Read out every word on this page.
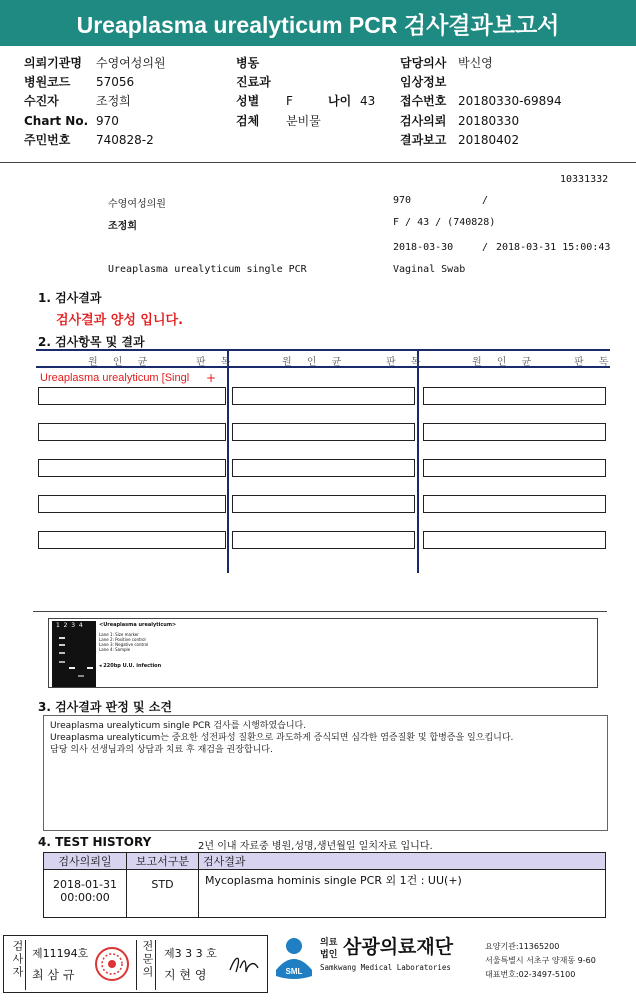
Ureaplasma urealyticum PCR 검사결과보고서
의뢰기관명 수영여성의원	병동	담당의사 박신영
병원코드 57056	진료과	임상정보
수진자	조정희	성별 F	나이 43 접수번호 20180330-69894
Chart No. 970	검체 분비물	검사의뢰 20180330
주민번호 740828-2	결과보고 20180402
10331332
수영여성의원	970	/
조정희	F / 43 / (740828)
2018-03-30	/ 2018-03-31 15:00:43
Ureaplasma urealyticum single PCR	Vaginal Swab
1. 검사결과
검사결과 양성 입니다.
2. 검사항목 및 결과
원 인 균	판 독	원 인 균	판 독	원 인 균	판 독
Ureaplasma urealyticum [Singl +
1  2  3  4	<Ureaplasma urealyticum>
Lane 1: Size marker
Lane 2: Positive control
Lane 3: Negative control
Lane 4: Sample
◂ 220bp U.U. infection
3. 검사결과 판정 및 소견
Ureaplasma urealyticum single PCR 검사를 시행하였습니다.
Ureaplasma urealyticum는 중요한 성전파성 질환으로 과도하게 증식되면 심각한 염증질환 및 합병증을 일으킵니다.
담당 의사 선생님과의 상담과 치료 후 재검을 권장합니다.
4. TEST HISTORY	2년 이내 자료중 병원,성명,생년월일 일치자료 입니다.
검사의뢰일	보고서구분	검사결과

2018-01-31
00:00:00	STD	Mycoplasma hominis single PCR 외 1건 : UU(+)
검사자 제11194호
최 삼 규	전문의 제3 3 3 호
지 현 영	SML
의료
법인 삼광의료재단
Samkwang Medical Laboratories
요양기관:11365200
서울특별시 서초구 양재동 9-60
대표번호:02-3497-5100
